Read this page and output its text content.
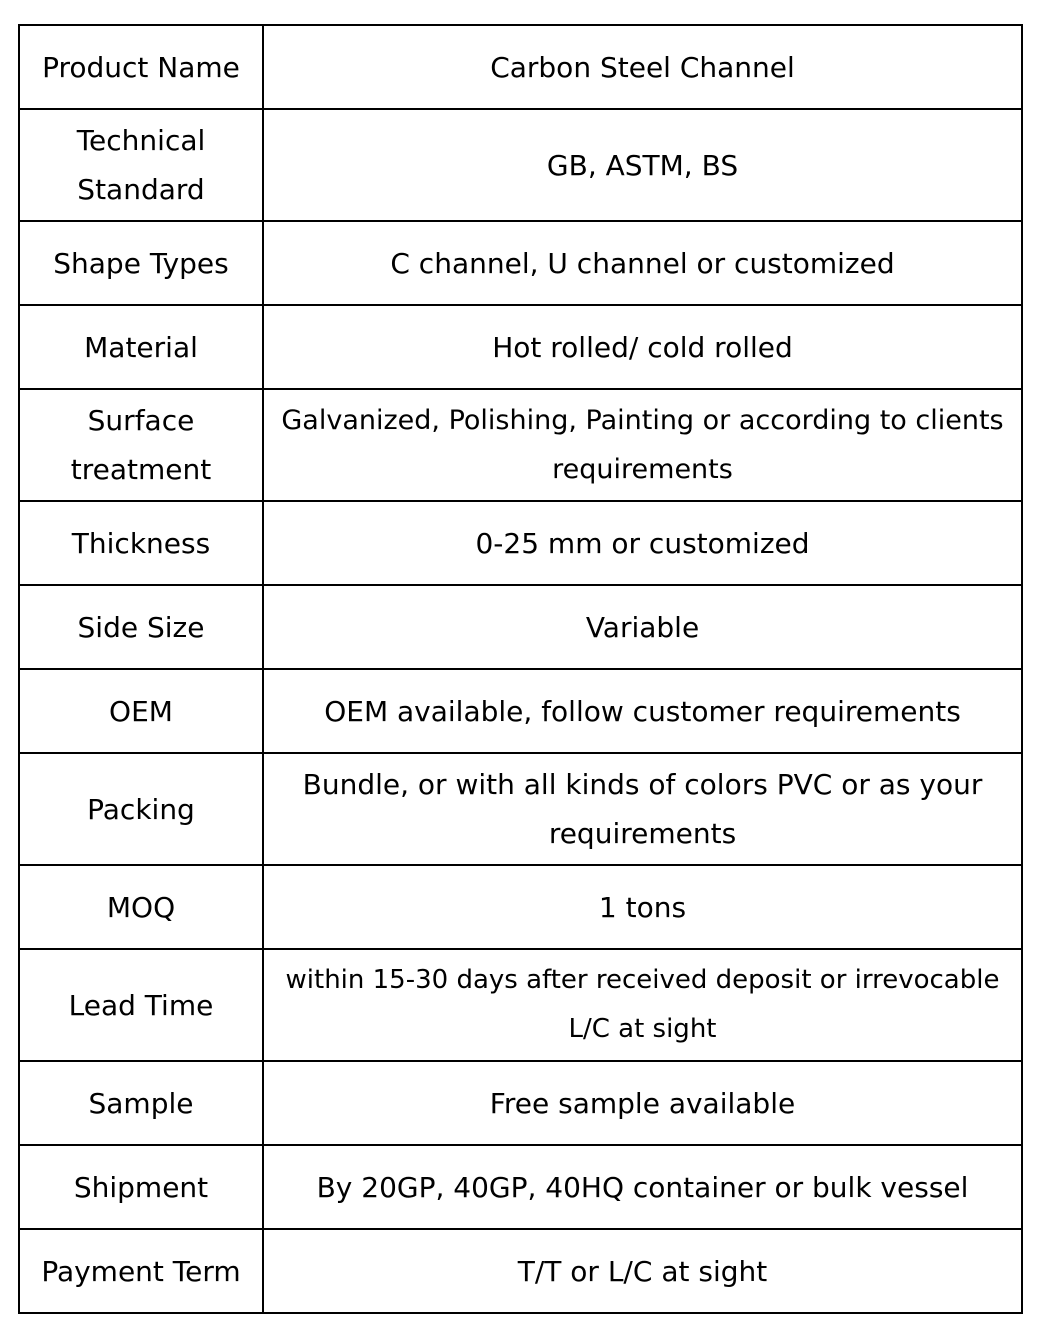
Product Name	Carbon Steel Channel
Technical Standard	GB, ASTM, BS
Shape Types	C channel, U channel or customized
Material	Hot rolled/ cold rolled
Surface treatment	Galvanized, Polishing, Painting or according to clients requirements
Thickness	0-25 mm or customized
Side Size	Variable
OEM	OEM available, follow customer requirements
Packing	Bundle, or with all kinds of colors PVC or as your requirements
MOQ	1 tons
Lead Time	within 15-30 days after received deposit or irrevocable L/C at sight
Sample	Free sample available
Shipment	By 20GP, 40GP, 40HQ container or bulk vessel
Payment Term	T/T or L/C at sight
